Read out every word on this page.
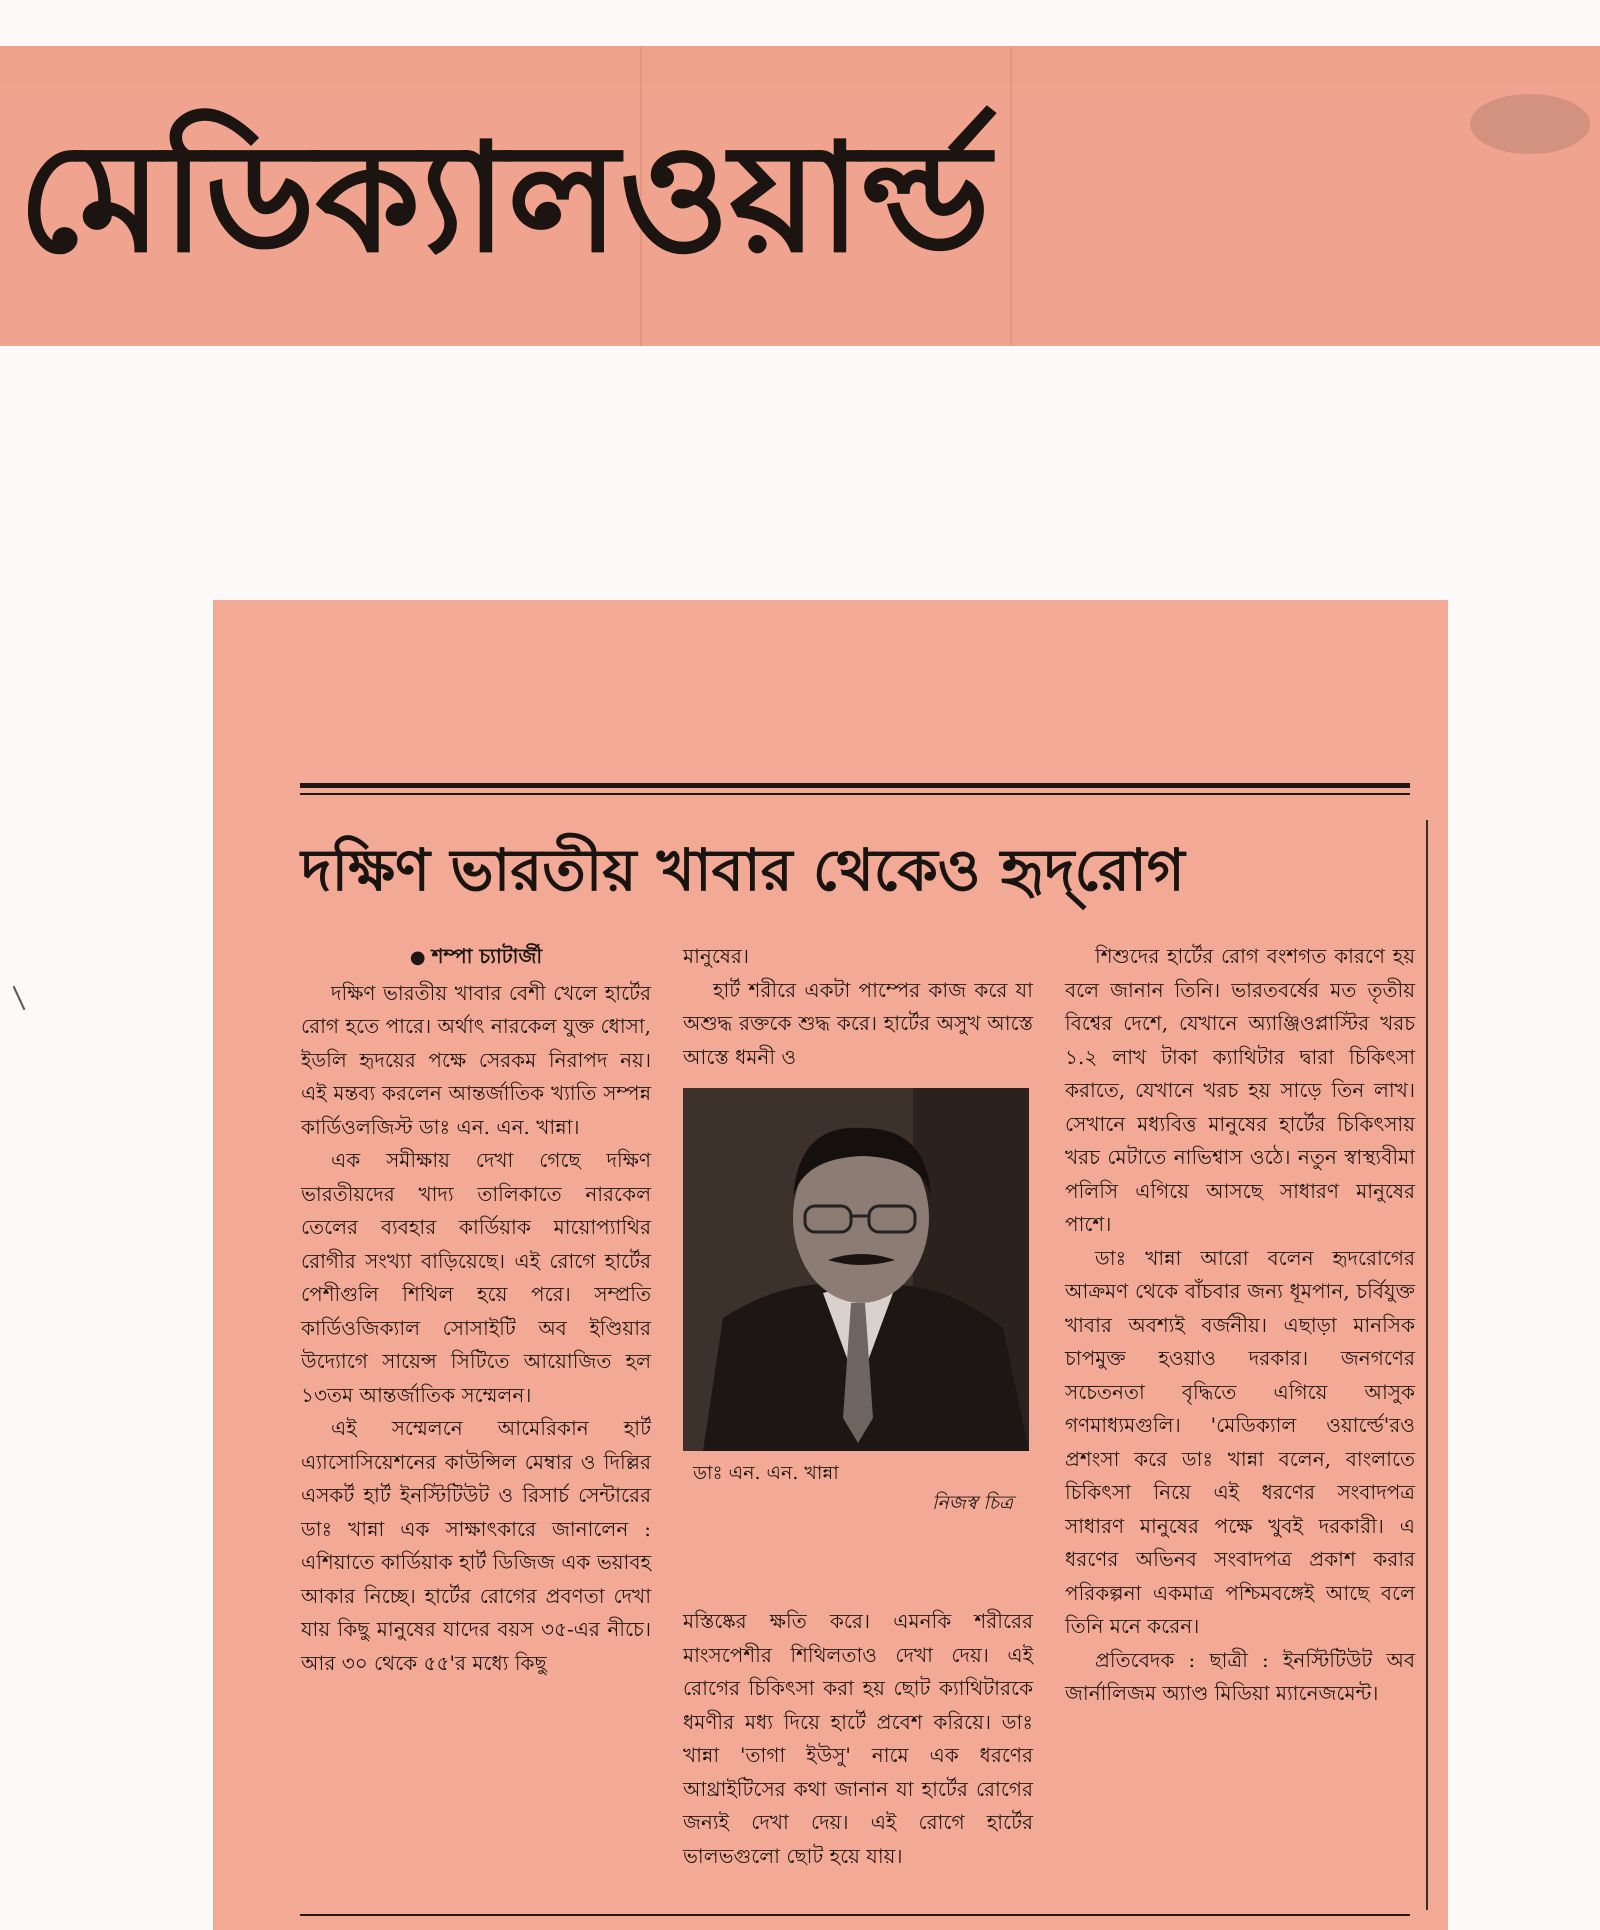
মেডিক্যালওয়ার্ল্ড
দক্ষিণ ভারতীয় খাবার থেকেও হৃদ্‌রোগ

● শম্পা চ্যাটার্জী

দক্ষিণ ভারতীয় খাবার বেশী খেলে হার্টের রোগ হতে পারে। অর্থাৎ নারকেল যুক্ত ধোসা, ইডলি হৃদয়ের পক্ষে সেরকম নিরাপদ নয়। এই মন্তব্য করলেন আন্তর্জাতিক খ্যাতি সম্পন্ন কার্ডিওলজিস্ট ডাঃ এন. এন. খান্না।

এক সমীক্ষায় দেখা গেছে দক্ষিণ ভারতীয়দের খাদ্য তালিকাতে নারকেল তেলের ব্যবহার কার্ডিয়াক মায়োপ্যাথির রোগীর সংখ্যা বাড়িয়েছে। এই রোগে হার্টের পেশীগুলি শিথিল হয়ে পরে। সম্প্রতি কার্ডিওজিক্যাল সোসাইটি অব ইণ্ডিয়ার উদ্যোগে সায়েন্স সিটিতে আয়োজিত হল ১৩তম আন্তর্জাতিক সম্মেলন।

এই সম্মেলনে আমেরিকান হার্ট এ্যাসোসিয়েশনের কাউন্সিল মেম্বার ও দিল্লির এসকর্ট হার্ট ইনস্টিটিউট ও রিসার্চ সেন্টারের ডাঃ খান্না এক সাক্ষাৎকারে জানালেন : এশিয়াতে কার্ডিয়াক হার্ট ডিজিজ এক ভয়াবহ আকার নিচ্ছে। হার্টের রোগের প্রবণতা দেখা যায় কিছু মানুষের যাদের বয়স ৩৫-এর নীচে। আর ৩০ থেকে ৫৫'র মধ্যে কিছু

মানুষের।

হার্ট শরীরে একটা পাম্পের কাজ করে যা অশুদ্ধ রক্তকে শুদ্ধ করে। হার্টের অসুখ আস্তে আস্তে ধমনী ও

ডাঃ এন. এন. খান্না
নিজস্ব চিত্র

মস্তিষ্কের ক্ষতি করে। এমনকি শরীরের মাংসপেশীর শিথিলতাও দেখা দেয়। এই রোগের চিকিৎসা করা হয় ছোট ক্যাথিটারকে ধমণীর মধ্য দিয়ে হার্টে প্রবেশ করিয়ে। ডাঃ খান্না 'তাগা ইউসু' নামে এক ধরণের আথ্রাইটিসের কথা জানান যা হার্টের রোগের জন্যই দেখা দেয়। এই রোগে হার্টের ভালভগুলো ছোট হয়ে যায়।

শিশুদের হার্টের রোগ বংশগত কারণে হয় বলে জানান তিনি। ভারতবর্ষের মত তৃতীয় বিশ্বের দেশে, যেখানে অ্যাঞ্জিওপ্লাস্টির খরচ ১.২ লাখ টাকা ক্যাথিটার দ্বারা চিকিৎসা করাতে, যেখানে খরচ হয় সাড়ে তিন লাখ। সেখানে মধ্যবিত্ত মানুষের হার্টের চিকিৎসায় খরচ মেটাতে নাভিশ্বাস ওঠে। নতুন স্বাস্থ্যবীমা পলিসি এগিয়ে আসছে সাধারণ মানুষের পাশে।

ডাঃ খান্না আরো বলেন হৃদরোগের আক্রমণ থেকে বাঁচবার জন্য ধূমপান, চর্বিযুক্ত খাবার অবশ্যই বর্জনীয়। এছাড়া মানসিক চাপমুক্ত হওয়াও দরকার। জনগণের সচেতনতা বৃদ্ধিতে এগিয়ে আসুক গণমাধ্যমগুলি। 'মেডিক্যাল ওয়ার্ল্ডে'রও প্রশংসা করে ডাঃ খান্না বলেন, বাংলাতে চিকিৎসা নিয়ে এই ধরণের সংবাদপত্র সাধারণ মানুষের পক্ষে খুবই দরকারী। এ ধরণের অভিনব সংবাদপত্র প্রকাশ করার পরিকল্পনা একমাত্র পশ্চিমবঙ্গেই আছে বলে তিনি মনে করেন।

প্রতিবেদক : ছাত্রী : ইনস্টিটিউট অব জার্নালিজম অ্যাণ্ড মিডিয়া ম্যানেজমেন্ট।
